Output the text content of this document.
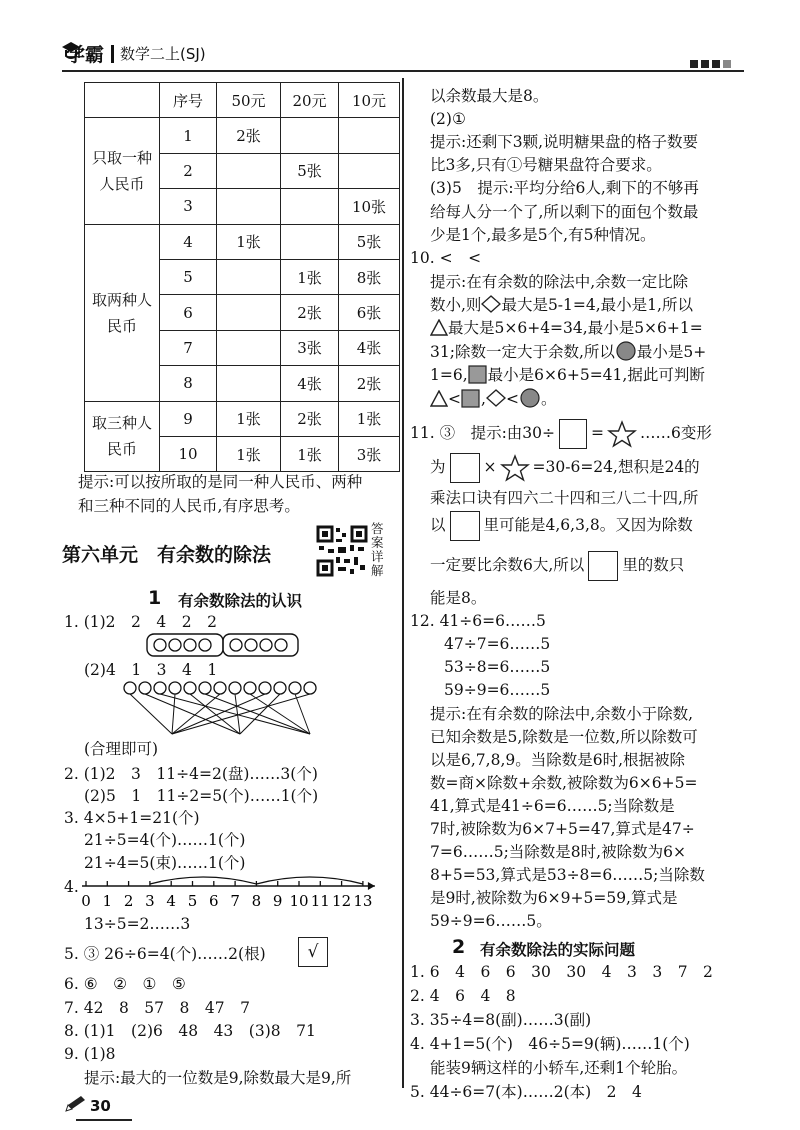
学霸 数学二上(SJ)
	序号	50元	20元	10元

只取一种人民币	1	2张		
	2		5张	
	3			10张

取两种人民币	4	1张		5张
	5		1张	8张
	6		2张	6张
	7		3张	4张
	8		4张	2张

取三种人民币	9	1张	2张	1张
	10	1张	1张	3张
提示:可以按所取的是同一种人民币、两种
和三种不同的人民币,有序思考。
第六单元　有余数的除法
答案详解
1 有余数除法的认识
1. (1)2　2　4　2　2
(2)4　1　3　4　1
(合理即可)
2. (1)2　3　11÷4=2(盘)……3(个)
(2)5　1　11÷2=5(个)……1(个)
3. 4×5+1=21(个)
21÷5=4(个)……1(个)
21÷4=5(束)……1(个)
4.
0 1 2 3 4 5 6 7 8 9 10 11 12 13
13÷5=2……3
5. ③ 26÷6=4(个)……2(根)	√
6. ⑥　②　①　⑤
7. 42　8　57　8　47　7
8. (1)1　(2)6　48　43　(3)8　71
9. (1)8
提示:最大的一位数是9,除数最大是9,所
30
以余数最大是8。
(2)①
提示:还剩下3颗,说明糖果盘的格子数要
比3多,只有①号糖果盘符合要求。
(3)5　提示:平均分给6人,剩下的不够再
给每人分一个了,所以剩下的面包个数最
少是1个,最多是5个,有5种情况。
10. <　<
提示:在有余数的除法中,余数一定比除
数小,则 最大是5-1=4,最小是1,所以
最大是5×6+4=34,最小是5×6+1=
31;除数一定大于余数,所以 最小是5+
1=6, 最小是6×6+5=41,据此可判断
< , < 。
11. ③　提示:由30÷ = ……6变形
为 × =30-6=24,想积是24的
乘法口诀有四六二十四和三八二十四,所
以 里可能是4,6,3,8。又因为除数
一定要比余数6大,所以 里的数只
能是8。
12. 41÷6=6……5
47÷7=6……5
53÷8=6……5
59÷9=6……5
提示:在有余数的除法中,余数小于除数,
已知余数是5,除数是一位数,所以除数可
以是6,7,8,9。当除数是6时,根据被除
数=商×除数+余数,被除数为6×6+5=
41,算式是41÷6=6……5;当除数是
7时,被除数为6×7+5=47,算式是47÷
7=6……5;当除数是8时,被除数为6×
8+5=53,算式是53÷8=6……5;当除数
是9时,被除数为6×9+5=59,算式是
59÷9=6……5。
2 有余数除法的实际问题
1. 6　4　6　6　30　30　4　3　3　7　2
2. 4　6　4　8
3. 35÷4=8(副)……3(副)
4. 4+1=5(个)　46÷5=9(辆)……1(个)
能装9辆这样的小轿车,还剩1个轮胎。
5. 44÷6=7(本)……2(本)　2　4
